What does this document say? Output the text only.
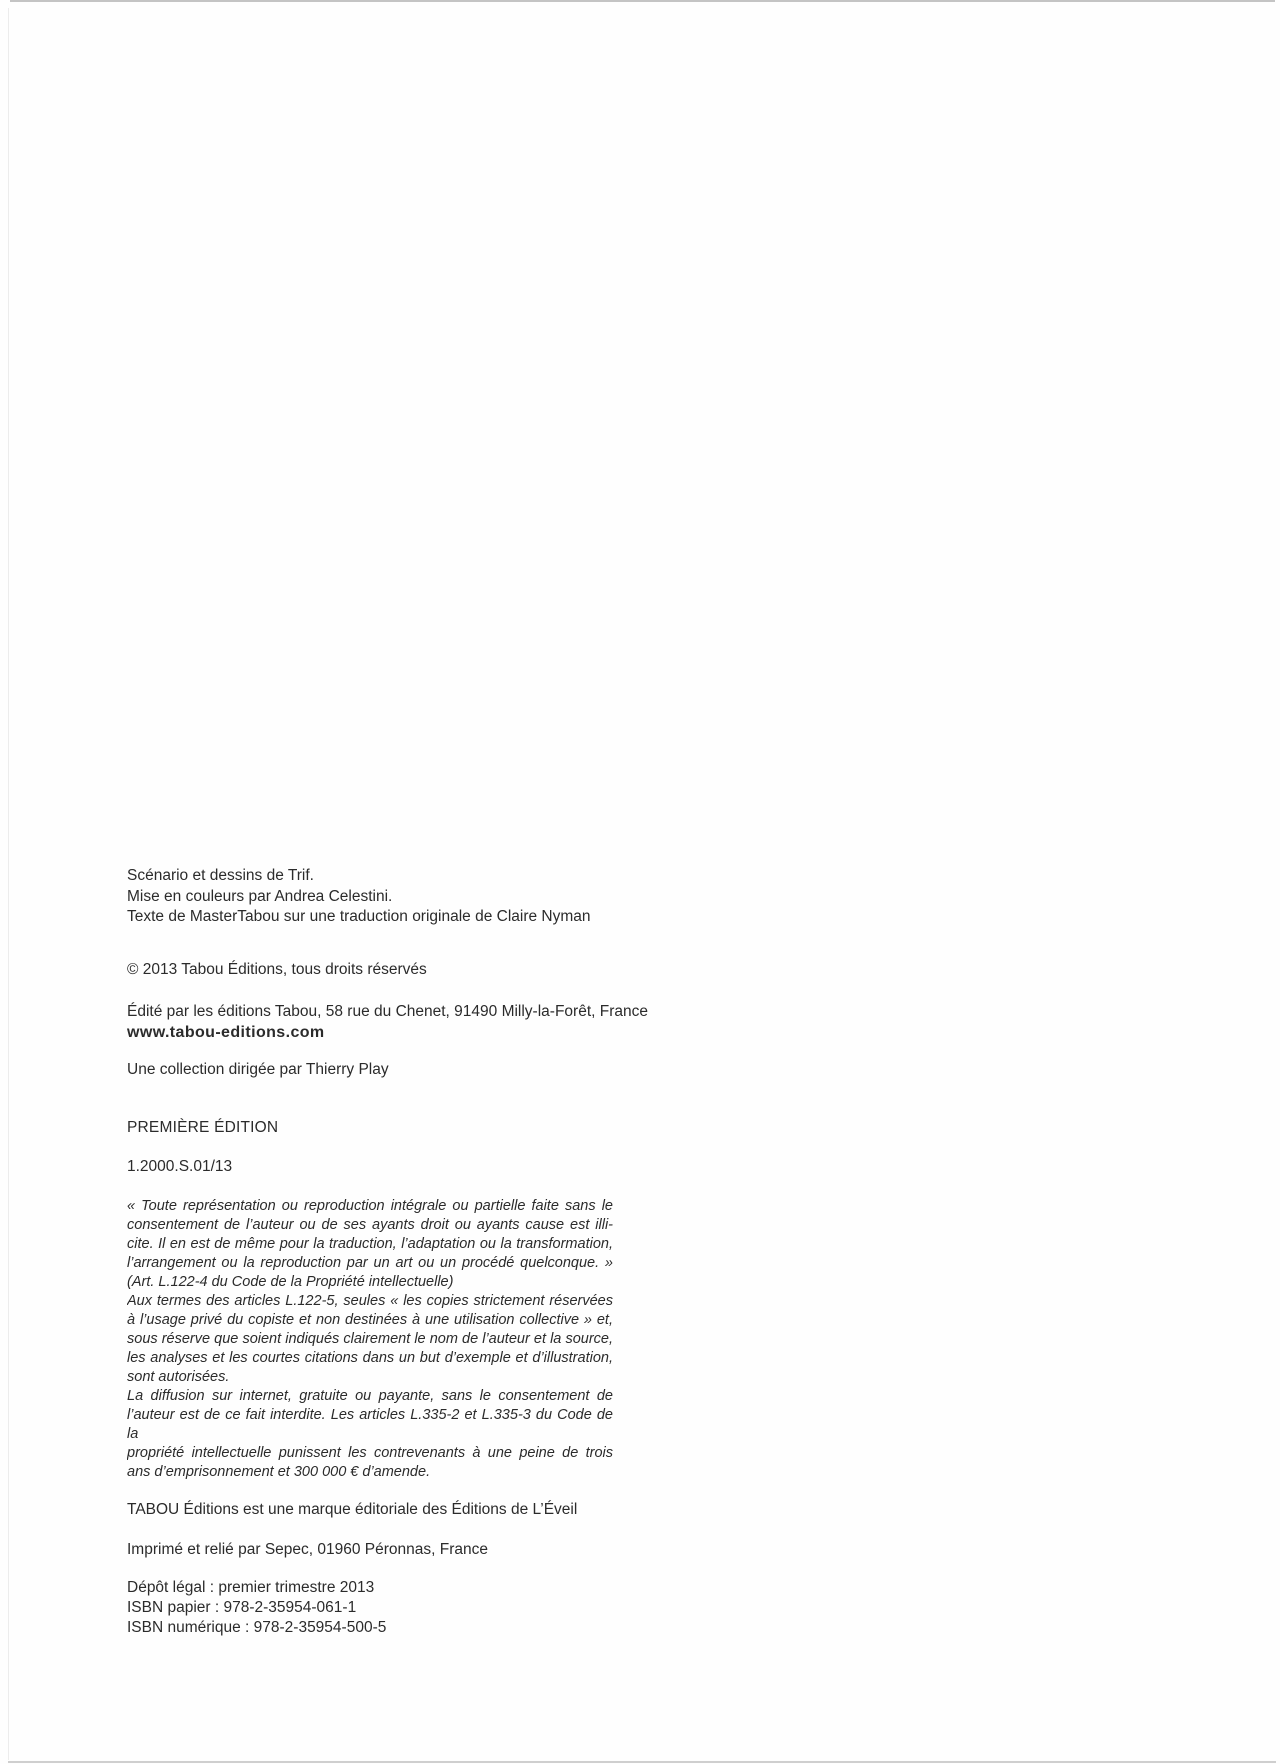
Scénario et dessins de Trif.
Mise en couleurs par Andrea Celestini.
Texte de MasterTabou sur une traduction originale de Claire Nyman
© 2013 Tabou Éditions, tous droits réservés
Édité par les éditions Tabou, 58 rue du Chenet, 91490 Milly-la-Forêt, France
www.tabou-editions.com
Une collection dirigée par Thierry Play
PREMIÈRE ÉDITION
1.2000.S.01/13
« Toute représentation ou reproduction intégrale ou partielle faite sans le
consentement de l’auteur ou de ses ayants droit ou ayants cause est illi-
cite. Il en est de même pour la traduction, l’adaptation ou la transformation,
l’arrangement ou la reproduction par un art ou un procédé quelconque. »
(Art. L.122-4 du Code de la Propriété intellectuelle)
Aux termes des articles L.122-5, seules « les copies strictement réservées
à l’usage privé du copiste et non destinées à une utilisation collective » et,
sous réserve que soient indiqués clairement le nom de l’auteur et la source,
les analyses et les courtes citations dans un but d’exemple et d’illustration,
sont autorisées.
La diffusion sur internet, gratuite ou payante, sans le consentement de
l’auteur est de ce fait interdite. Les articles L.335-2 et L.335-3 du Code de la
propriété intellectuelle punissent les contrevenants à une peine de trois
ans d’emprisonnement et 300 000 € d’amende.
TABOU Éditions est une marque éditoriale des Éditions de L’Éveil
Imprimé et relié par Sepec, 01960 Péronnas, France
Dépôt légal : premier trimestre 2013
ISBN papier : 978-2-35954-061-1
ISBN numérique : 978-2-35954-500-5
